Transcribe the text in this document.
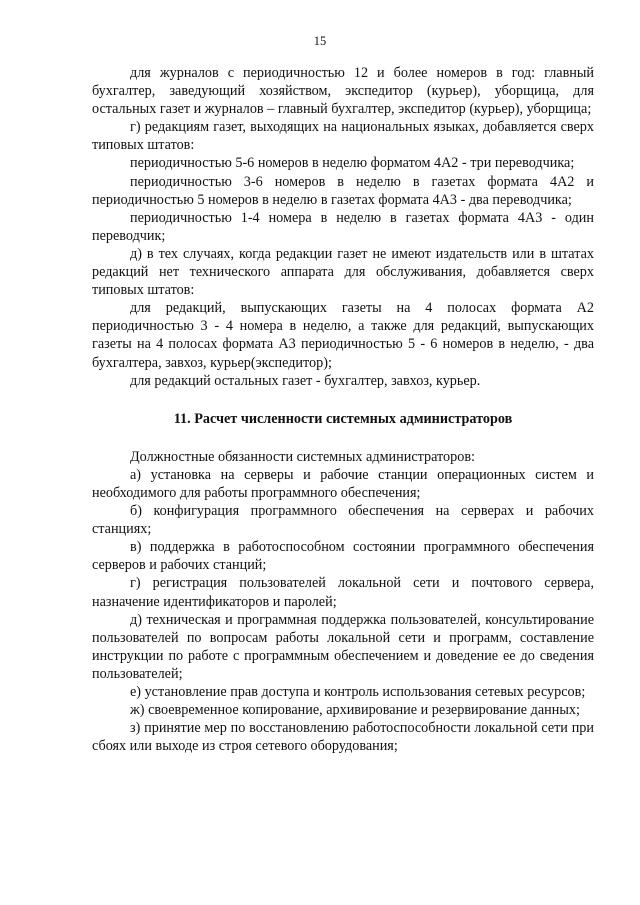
15

для журналов с периодичностью 12 и более номеров в год: главный бухгалтер, заведующий хозяйством, экспедитор (курьер), уборщица, для остальных газет и журналов – главный бухгалтер, экспедитор (курьер), уборщица;

г) редакциям газет, выходящих на национальных языках, добавляется сверх типовых штатов:

периодичностью 5-6 номеров в неделю форматом 4А2 - три переводчика;

периодичностью 3-6 номеров в неделю в газетах формата 4А2 и периодичностью 5 номеров в неделю в газетах формата 4А3 - два переводчика;

периодичностью 1-4 номера в неделю в газетах формата 4А3 - один переводчик;

д) в тех случаях, когда редакции газет не имеют издательств или в штатах редакций нет технического аппарата для обслуживания, добавляется сверх типовых штатов:

для редакций, выпускающих газеты на 4 полосах формата А2 периодичностью 3 - 4 номера в неделю, а также для редакций, выпускающих газеты на 4 полосах формата А3 периодичностью 5 - 6 номеров в неделю, - два бухгалтера, завхоз, курьер(экспедитор);

для редакций остальных газет - бухгалтер, завхоз, курьер.

11. Расчет численности системных администраторов

Должностные обязанности системных администраторов:

а) установка на серверы и рабочие станции операционных систем и необходимого для работы программного обеспечения;

б) конфигурация программного обеспечения на серверах и рабочих станциях;

в) поддержка в работоспособном состоянии программного обеспечения серверов и рабочих станций;

г) регистрация пользователей локальной сети и почтового сервера, назначение идентификаторов и паролей;

д) техническая и программная поддержка пользователей, консультирование пользователей по вопросам работы локальной сети и программ, составление инструкции по работе с программным обеспечением и доведение ее до сведения пользователей;

е) установление прав доступа и контроль использования сетевых ресурсов;

ж) своевременное копирование, архивирование и резервирование данных;

з) принятие мер по восстановлению работоспособности локальной сети при сбоях или выходе из строя сетевого оборудования;
